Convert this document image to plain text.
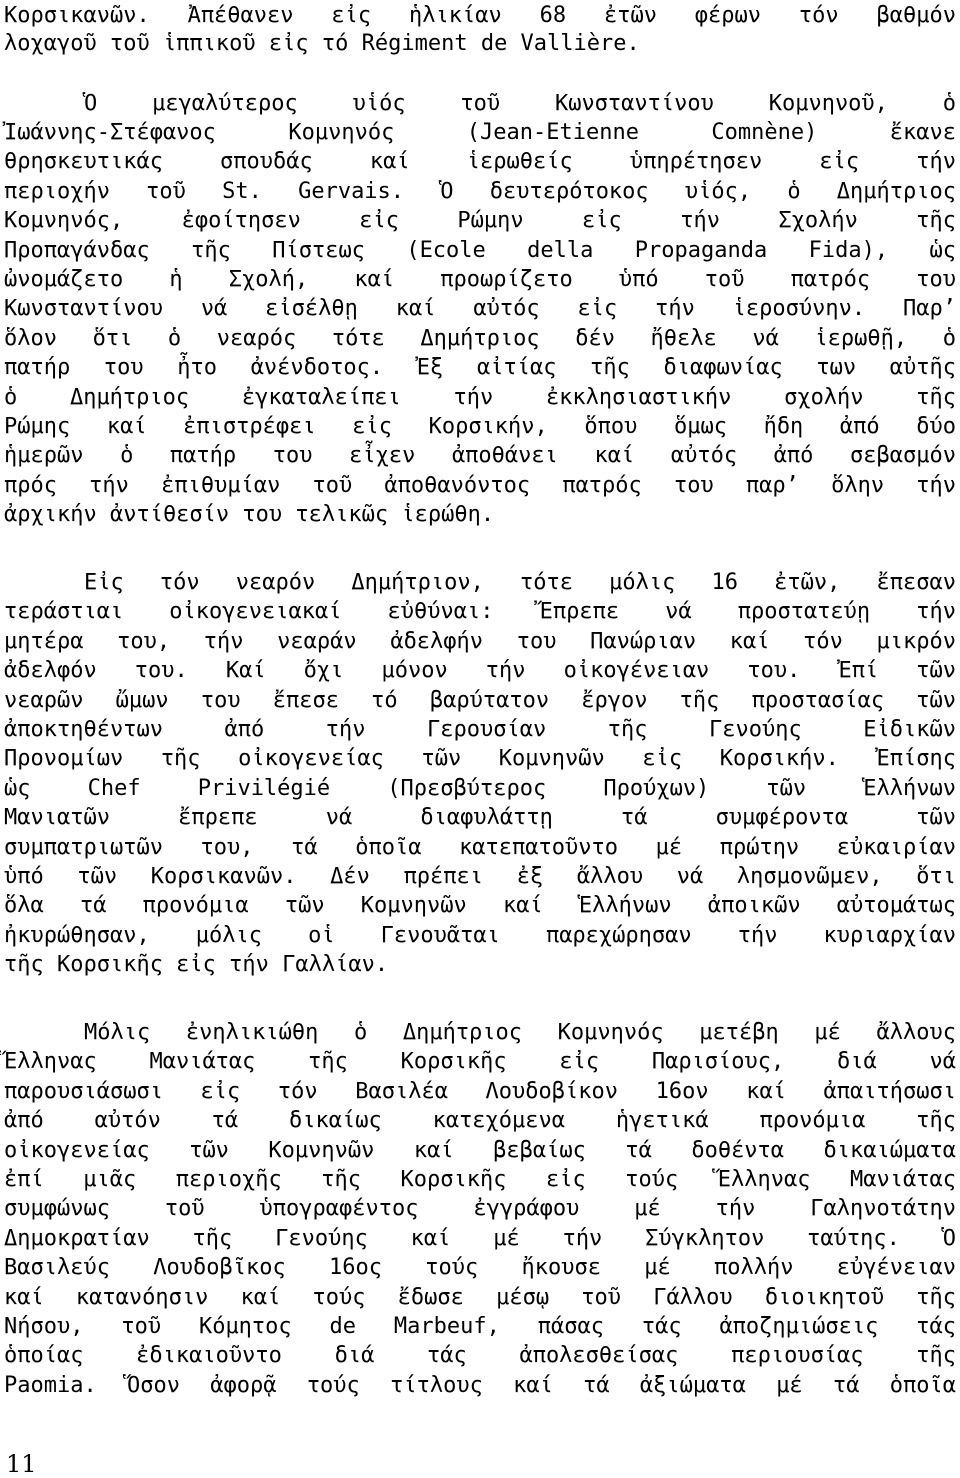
Κορσικανῶν. Ἀπέθανεν εἰς ἡλικίαν 68 ἐτῶν φέρων τόν βαθμόν
λοχαγοῦ τοῦ ἱππικοῦ εἰς τό Régiment de Vallière.
Ὁ μεγαλύτερος υἱός τοῦ Κωνσταντίνου Κομνηνοῦ, ὁ
Ἰωάννης-Στέφανος Κομνηνός (Jean-Etienne Comnène) ἔκανε
θρησκευτικάς σπουδάς καί ἱερωθείς ὑπηρέτησεν εἰς τήν
περιοχήν τοῦ St. Gervais. Ὁ δευτερότοκος υἱός, ὁ Δημήτριος
Κομνηνός, ἐφοίτησεν εἰς Ρώμην εἰς τήν Σχολήν τῆς
Προπαγάνδας τῆς Πίστεως (Ecole della Propaganda Fida), ὡς
ὠνομάζετο ἡ Σχολή, καί προωρίζετο ὑπό τοῦ πατρός του
Κωνσταντίνου νά εἰσέλθῃ καί αὐτός εἰς τήν ἱεροσύνην. Παρ’
ὅλον ὅτι ὁ νεαρός τότε Δημήτριος δέν ἤθελε νά ἱερωθῇ, ὁ
πατήρ του ἦτο ἀνένδοτος. Ἐξ αἰτίας τῆς διαφωνίας των αὐτῆς
ὁ Δημήτριος ἐγκαταλείπει τήν ἐκκλησιαστικήν σχολήν τῆς
Ρώμης καί ἐπιστρέφει εἰς Κορσικήν, ὅπου ὅμως ἤδη ἀπό δύο
ἡμερῶν ὁ πατήρ του εἶχεν ἀποθάνει καί αὐτός ἀπό σεβασμόν
πρός τήν ἐπιθυμίαν τοῦ ἀποθανόντος πατρός του παρ’ ὅλην τήν
ἀρχικήν ἀντίθεσίν του τελικῶς ἱερώθη.
Εἰς τόν νεαρόν Δημήτριον, τότε μόλις 16 ἐτῶν, ἔπεσαν
τεράστιαι οἰκογενειακαί εὐθύναι: Ἔπρεπε νά προστατεύῃ τήν
μητέρα του, τήν νεαράν ἀδελφήν του Πανώριαν καί τόν μικρόν
ἀδελφόν του. Καί ὄχι μόνον τήν οἰκογένειαν του. Ἐπί τῶν
νεαρῶν ὤμων του ἔπεσε τό βαρύτατον ἔργον τῆς προστασίας τῶν
ἀποκτηθέντων ἀπό τήν Γερουσίαν τῆς Γενούης Εἰδικῶν
Προνομίων τῆς οἰκογενείας τῶν Κομνηνῶν εἰς Κορσικήν. Ἐπίσης
ὡς Chef Privilégié (Πρεσβύτερος Πρoύχων) τῶν Ἑλλήνων
Μανιατῶν ἔπρεπε νά διαφυλάττῃ τά συμφέροντα τῶν
συμπατριωτῶν του, τά ὁποῖα κατεπατοῦντο μέ πρώτην εὐκαιρίαν
ὑπό τῶν Κορσικανῶν. Δέν πρέπει ἐξ ἄλλου νά λησμονῶμεν, ὅτι
ὅλα τά προνόμια τῶν Κομνηνῶν καί Ἑλλήνων ἀποικῶν αὐτομάτως
ἠκυρώθησαν, μόλις οἱ Γενουᾶται παρεχώρησαν τήν κυριαρχίαν
τῆς Κορσικῆς εἰς τήν Γαλλίαν.
Μόλις ἐνηλικιώθη ὁ Δημήτριος Κομνηνός μετέβη μέ ἄλλους
Ἕλληνας Μανιάτας τῆς Κορσικῆς εἰς Παρισίους, διά νά
παρουσιάσωσι εἰς τόν Βασιλέα Λουδοβίκον 16ον καί ἀπαιτήσωσι
ἀπό αὐτόν τά δικαίως κατεχόμενα ἡγετικά προνόμια τῆς
οἰκογενείας τῶν Κομνηνῶν καί βεβαίως τά δοθέντα δικαιώματα
ἐπί μιᾶς περιοχῆς τῆς Κορσικῆς εἰς τούς Ἕλληνας Μανιάτας
συμφώνως τοῦ ὑπογραφέντος ἐγγράφου μέ τήν Γαληνοτάτην
Δημοκρατίαν τῆς Γενούης καί μέ τήν Σύγκλητον ταύτης. Ὁ
Βασιλεύς Λουδοβῖκος 16ος τούς ἤκουσε μέ πολλήν εὐγένειαν
καί κατανόησιν καί τούς ἔδωσε μέσῳ τοῦ Γάλλου διοικητοῦ τῆς
Νήσου, τοῦ Κόμητος de Marbeuf, πάσας τάς ἀποζημιώσεις τάς
ὁποίας ἐδικαιοῦντο διά τάς ἀπολεσθείσας περιουσίας τῆς
Paomia. Ὅσον ἀφορᾷ τούς τίτλους καί τά ἀξιώματα μέ τά ὁποῖα
11
